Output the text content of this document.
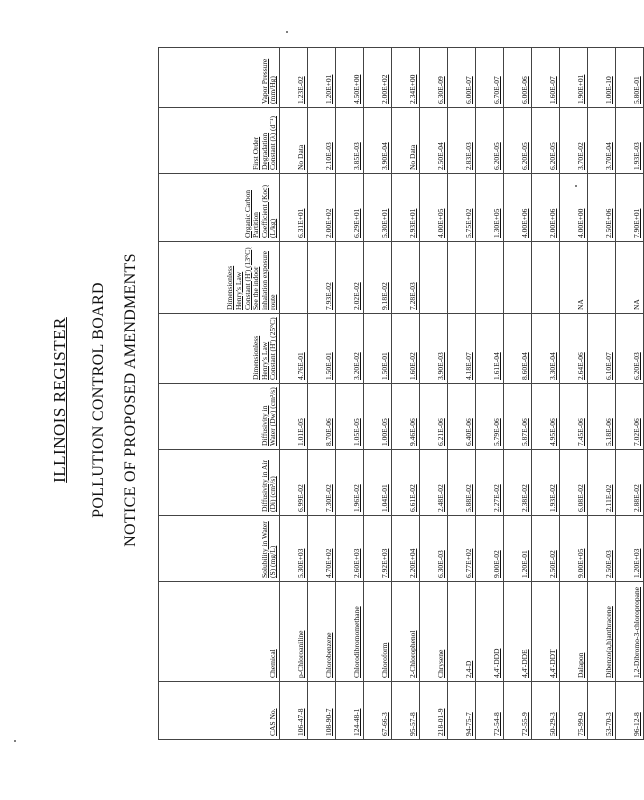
ILLINOIS REGISTER POLLUTION CONTROL BOARD NOTICE OF PROPOSED AMENDMENTS
CAS No.	Chemical	Solubility in Water (S) (mg/L)	Diffusivity in Air (Di) (cm²/s)	Diffusivity in Water (Dw) (cm²/s)	Dimensionless Henry's Law Constant (H') (25°C)	Dimensionless Henry's Law Constant (H') (13°C) See the indoor inhalation exposure route	Organic Carbon Partition Coefficient (Koc) (L/kg)	First Order Degradation Constant (λ) (d⁻¹)	Vapor Pressure (mm/Hg)
106-47-8	p-Chloroaniline	5.30E+03	6.99E-02	1.01E-05	4.76E-01		6.31E+01	No Data	1.23E-02
108-90-7	Chlorobenzene	4.70E+02	7.30E-02	8.70E-06	1.50E-01	7.93E-02	2.00E+02	2.10E-03	1.20E+01
124-48-1	Chlorodibromomethane	2.60E+03	1.96E-02	1.05E-05	3.20E-02	2.02E-02	6.29E+01	3.85E-03	4.50E+00
67-66-3	Chloroform	7.92E+03	1.04E-01	1.00E-05	1.50E-01	9.18E-02	5.30E+01	3.90E-04	2.00E+02
95-57-8	2-Chlorophenol	2.20E+04	6.61E-02	9.46E-06	1.60E-02	7.28E-03	2.93E+01	No Data	2.34E+00
218-01-9	Chrysene	6.30E-03	2.48E-02	6.21E-06	3.90E-03		4.00E+05	2.50E-04	6.30E-09
94-75-7	2,4-D	6.77E+02	5.88E-02	6.40E-06	4.18E-07		5.75E+02	2.83E-03	6.00E-07
72-54-8	4,4'-DDD	9.00E-02	2.27E-02	5.79E-06	1.61E-04		1.30E+05	6.20E-05	6.70E-07
72-55-9	4,4'-DDE	1.20E-01	2.38E-02	5.87E-06	8.60E-04		4.00E+06	6.20E-05	6.00E-06
50-29-3	4,4'-DDT	2.50E-02	1.93E-02	4.95E-06	3.30E-04		2.00E+06	6.20E-05	1.60E-07
75-99-0	Dalapon	9.00E+05	6.08E-02	7.45E-06	2.64E-06	NA	4.00E+00	3.70E-02	1.90E+01
53-70-3	Dibenzo(a,h)anthracene	2.50E-03	2.11E-02	5.18E-06	6.10E-07		2.50E+06	3.70E-04	1.00E-10
96-12-8	1,2-Dibromo-3-chloropropane	1.20E+03	2.88E-02	7.02E-06	6.20E-03	NA	7.90E+01	1.93E-03	5.80E-01
